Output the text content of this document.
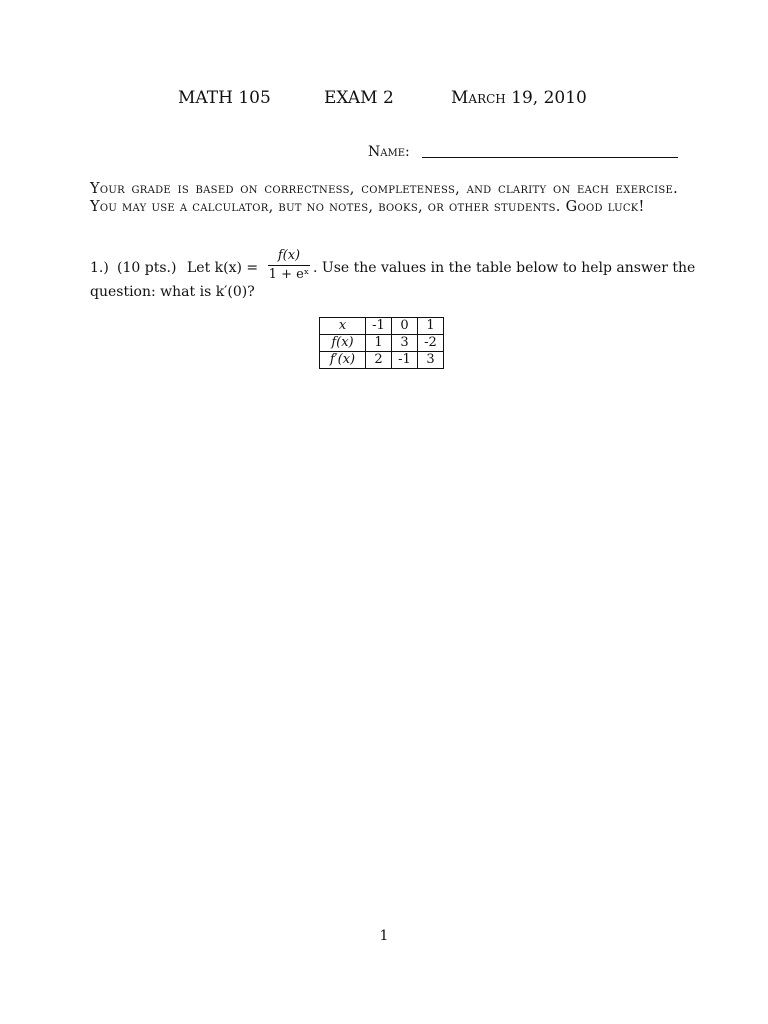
MATH 105	EXAM 2	March 19, 2010
Name:
Your grade is based on correctness, completeness, and clarity on each exercise. You may use a calculator, but no notes, books, or other students. Good luck!
1.) (10 pts.) Let k(x) =
f(x)
1 + eˣ . Use the values in the table below to help answer the
question: what is k′(0)?
x	-1	0	1
f(x)	1	3	-2
f′(x)	2	-1	3
1
